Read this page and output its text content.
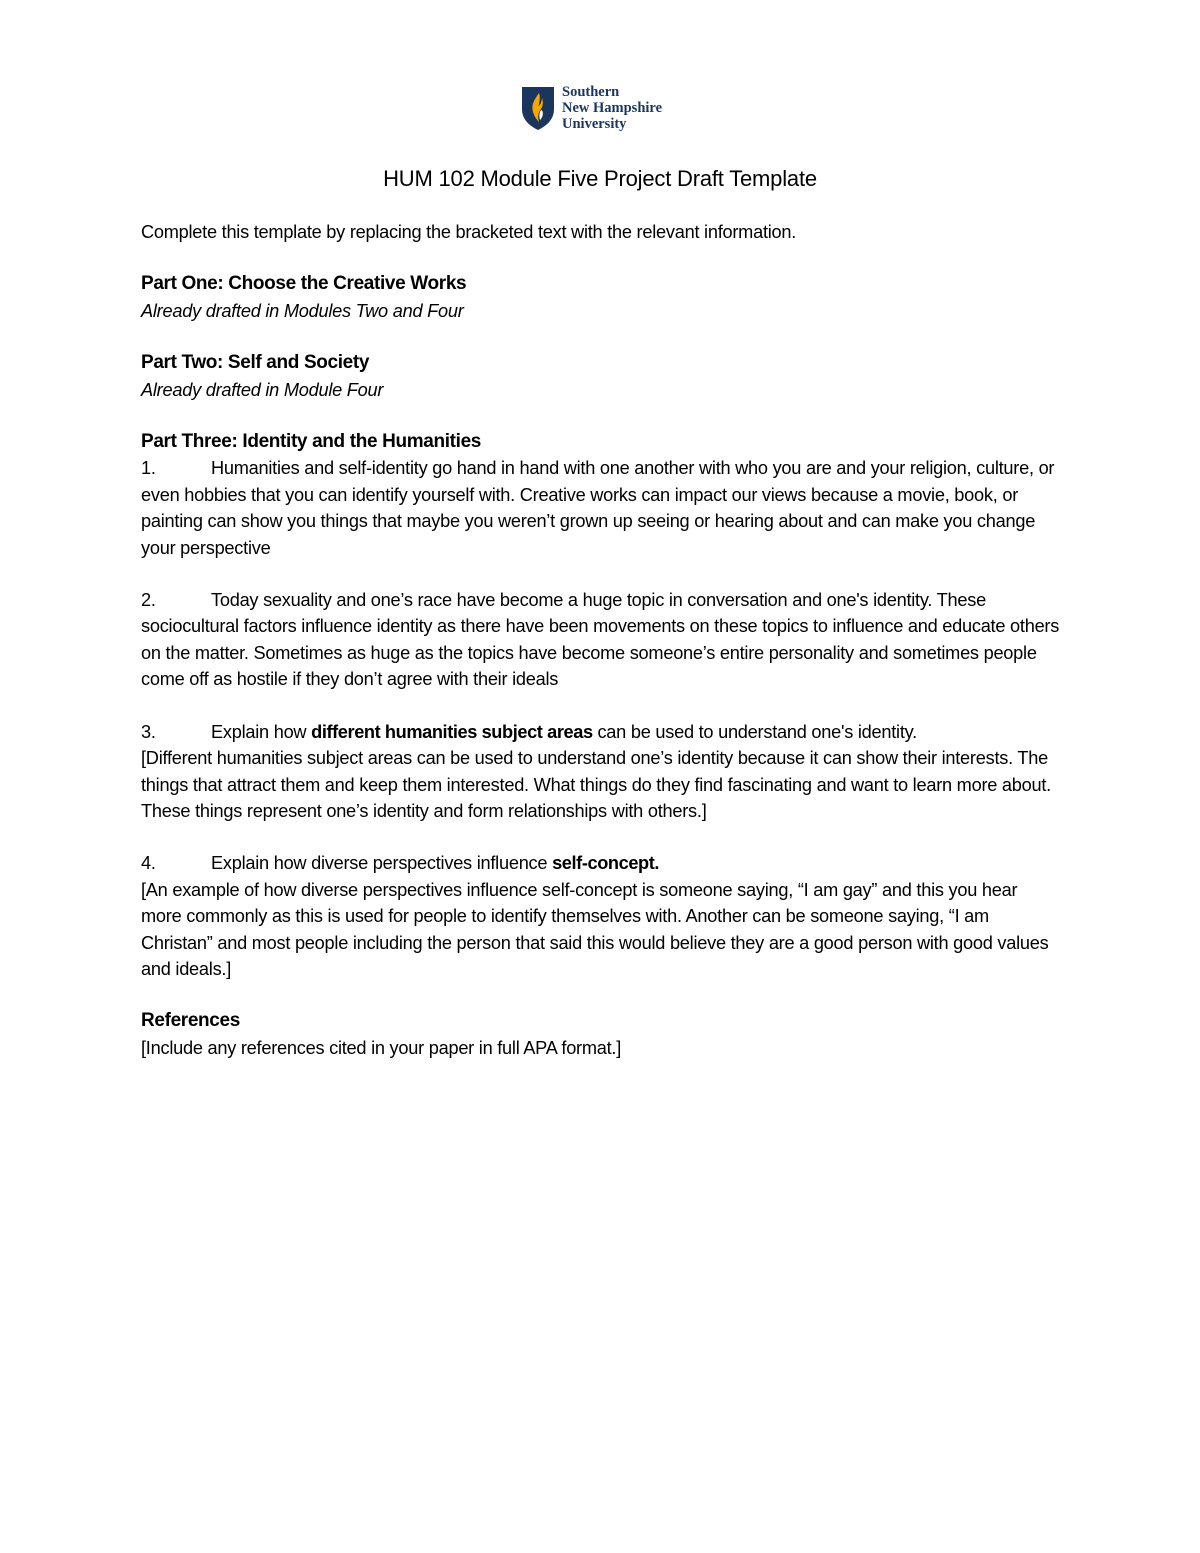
Southern
New Hampshire
University
HUM 102 Module Five Project Draft Template

Complete this template by replacing the bracketed text with the relevant information.

Part One: Choose the Creative Works

Already drafted in Modules Two and Four

Part Two: Self and Society

Already drafted in Module Four

Part Three: Identity and the Humanities

1.	Humanities and self-identity go hand in hand with one another with who you are and your religion, culture, or even hobbies that you can identify yourself with. Creative works can impact our views because a movie, book, or painting can show you things that maybe you weren’t grown up seeing or hearing about and can make you change your perspective

2.	Today sexuality and one’s race have become a huge topic in conversation and one's identity. These sociocultural factors influence identity as there have been movements on these topics to influence and educate others on the matter. Sometimes as huge as the topics have become someone’s entire personality and sometimes people come off as hostile if they don’t agree with their ideals

3.	Explain how different humanities subject areas can be used to understand one's identity.

[Different humanities subject areas can be used to understand one’s identity because it can show their interests. The things that attract them and keep them interested. What things do they find fascinating and want to learn more about. These things represent one’s identity and form relationships with others.]

4.	Explain how diverse perspectives influence self-concept.

[An example of how diverse perspectives influence self-concept is someone saying, “I am gay” and this you hear more commonly as this is used for people to identify themselves with. Another can be someone saying, “I am Christan” and most people including the person that said this would believe they are a good person with good values and ideals.]

References

[Include any references cited in your paper in full APA format.]
